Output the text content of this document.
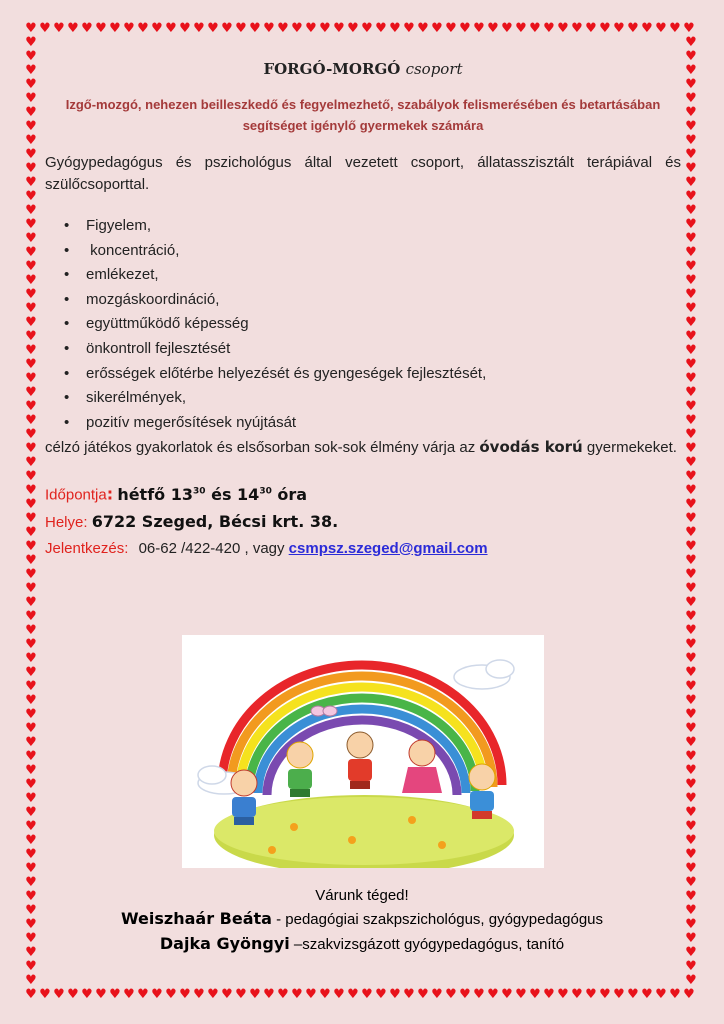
♥ ♥ ♥ ♥ ♥ ♥ ♥ ♥ ♥ ♥ ♥ ♥ ♥ ♥ ♥ ♥ ♥ ♥ ♥ ♥ ♥ ♥ ♥ ♥ ♥ ♥ ♥ ♥ ♥ ♥ ♥ ♥ ♥ ♥ ♥ ♥ ♥ ♥ ♥ ♥ ♥ ♥ ♥ ♥ ♥ ♥ ♥ ♥
♥ ♥ ♥ ♥ ♥ ♥ ♥ ♥ ♥ ♥ ♥ ♥ ♥ ♥ ♥ ♥ ♥ ♥ ♥ ♥ ♥ ♥ ♥ ♥ ♥ ♥ ♥ ♥ ♥ ♥ ♥ ♥ ♥ ♥ ♥ ♥ ♥ ♥ ♥ ♥ ♥ ♥ ♥ ♥ ♥ ♥ ♥ ♥
♥
♥
♥
♥
♥
♥
♥
♥
♥
♥
♥
♥
♥
♥
♥
♥
♥
♥
♥
♥
♥
♥
♥
♥
♥
♥
♥
♥
♥
♥
♥
♥
♥
♥
♥
♥
♥
♥
♥
♥
♥
♥
♥
♥
♥
♥
♥
♥
♥
♥
♥
♥
♥
♥
♥
♥
♥
♥
♥
♥
♥
♥
♥
♥
♥
♥
♥
♥
♥
♥
♥
♥
♥
♥
♥
♥
♥
♥
♥
♥
♥
♥
♥
♥
♥
♥
♥
♥
♥
♥
♥
♥
♥
♥
♥
♥
♥
♥
♥
♥
♥
♥
♥
♥
♥
♥
♥
♥
♥
♥
♥
♥
♥
♥
♥
♥
♥
♥
♥
♥
♥
♥
♥
♥
♥
♥
♥
♥
♥
♥
♥
♥
♥
♥
♥
♥
FORGÓ-MORGÓ csoport
Izgő-mozgó, nehezen beilleszkedő és fegyelmezhető, szabályok felismerésében és betartásában segítséget igénylő gyermekek számára
Gyógypedagógus és pszichológus által vezetett csoport, állatasszisztált terápiával és szülőcsoporttal.
• Figyelem,
•  koncentráció,
• emlékezet,
• mozgáskoordináció,
• együttműködő képesség
• önkontroll fejlesztését
• erősségek előtérbe helyezését és gyengeségek fejlesztését,
• sikerélmények,
• pozitív megerősítések nyújtását
célzó játékos gyakorlatok és elsősorban sok-sok élmény várja az óvodás korú gyermekeket.
Időpontja: hétfő $13^{30}$ és $14^{30}$ óra
Helye: 6722 Szeged, Bécsi krt. 38.
Jelentkezés: 06-62 /422-420 , vagy csmpsz.szeged@gmail.com
Várunk téged!
Weiszhaár Beáta - pedagógiai szakpszichológus, gyógypedagógus
Dajka Gyöngyi –szakvizsgázott gyógypedagógus, tanító
